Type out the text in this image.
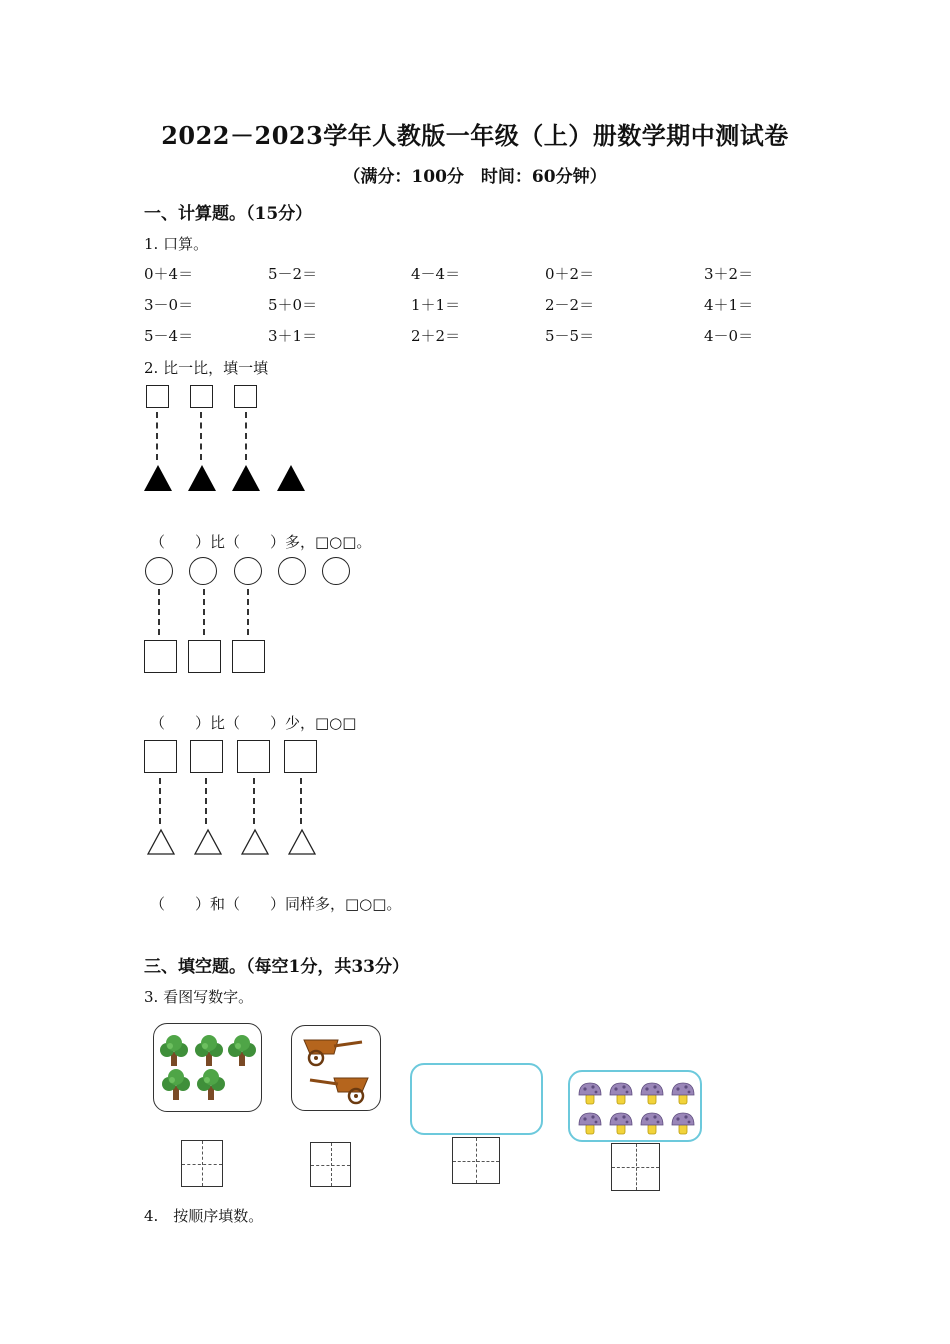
2022－2023学年人教版一年级（上）册数学期中测试卷
（满分：100分　时间：60分钟）
一、计算题。（15分）
1. 口算。
0＋4＝	5－2＝	4－4＝	0＋2＝	3＋2＝
3－0＝	5＋0＝	1＋1＝	2－2＝	4＋1＝
5－4＝	3＋1＝	2＋2＝	5－5＝	4－0＝
2. 比一比，填一填
（　　）比（　　）多，□○□。
（　　）比（　　）少，□○□
（　　）和（　　）同样多，□○□。
三、填空题。（每空1分，共33分）
3. 看图写数字。
4.　按顺序填数。
